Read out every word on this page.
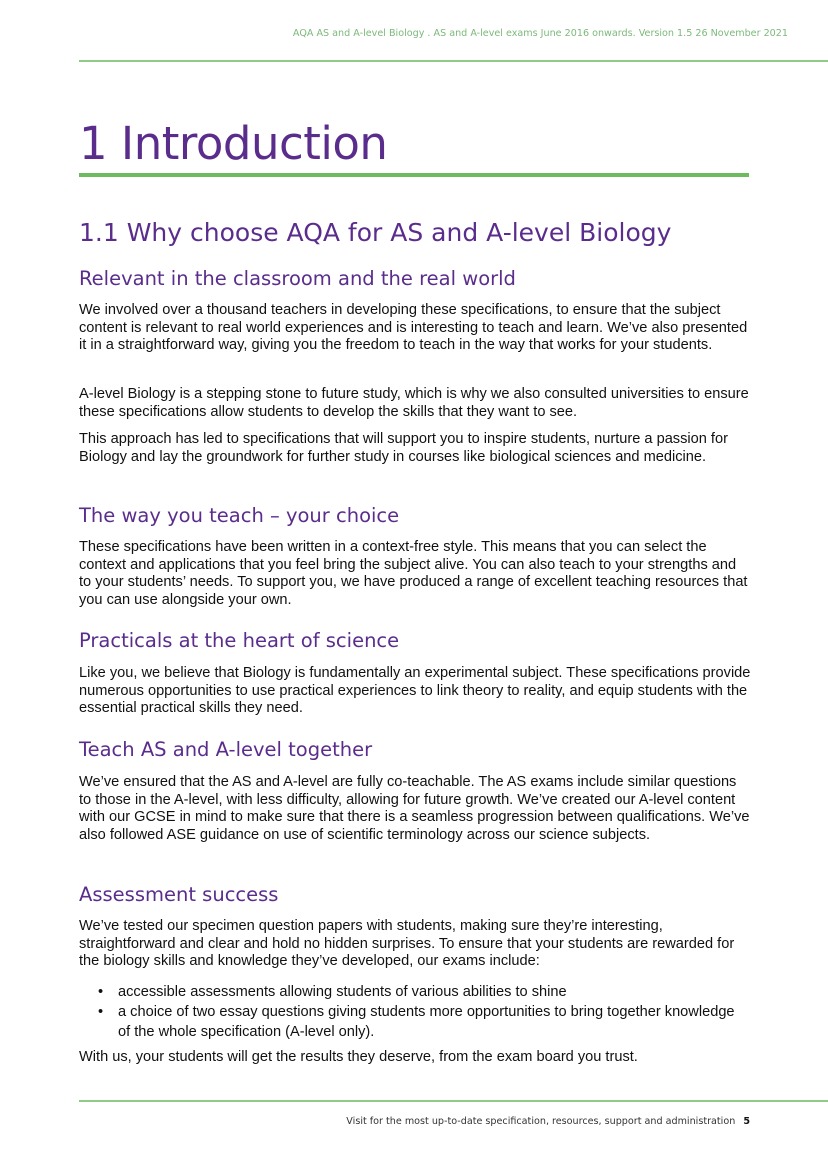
AQA AS and A-level Biology . AS and A-level exams June 2016 onwards. Version 1.5 26 November 2021
1 Introduction
1.1 Why choose AQA for AS and A-level Biology
Relevant in the classroom and the real world
We involved over a thousand teachers in developing these specifications, to ensure that the subject content is relevant to real world experiences and is interesting to teach and learn. We’ve also presented it in a straightforward way, giving you the freedom to teach in the way that works for your students.
A-level Biology is a stepping stone to future study, which is why we also consulted universities to ensure these specifications allow students to develop the skills that they want to see.
This approach has led to specifications that will support you to inspire students, nurture a passion for Biology and lay the groundwork for further study in courses like biological sciences and medicine.
The way you teach – your choice
These specifications have been written in a context-free style. This means that you can select the context and applications that you feel bring the subject alive. You can also teach to your strengths and to your students’ needs. To support you, we have produced a range of excellent teaching resources that you can use alongside your own.
Practicals at the heart of science
Like you, we believe that Biology is fundamentally an experimental subject. These specifications provide numerous opportunities to use practical experiences to link theory to reality, and equip students with the essential practical skills they need.
Teach AS and A-level together
We’ve ensured that the AS and A-level are fully co-teachable. The AS exams include similar questions to those in the A-level, with less difficulty, allowing for future growth. We’ve created our A-level content with our GCSE in mind to make sure that there is a seamless progression between qualifications. We’ve also followed ASE guidance on use of scientific terminology across our science subjects.
Assessment success
We’ve tested our specimen question papers with students, making sure they’re interesting, straightforward and clear and hold no hidden surprises. To ensure that your students are rewarded for the biology skills and knowledge they’ve developed, our exams include:
• accessible assessments allowing students of various abilities to shine
• a choice of two essay questions giving students more opportunities to bring together knowledge of the whole specification (A-level only).
With us, your students will get the results they deserve, from the exam board you trust.
Visit for the most up-to-date specification, resources, support and administration 5
